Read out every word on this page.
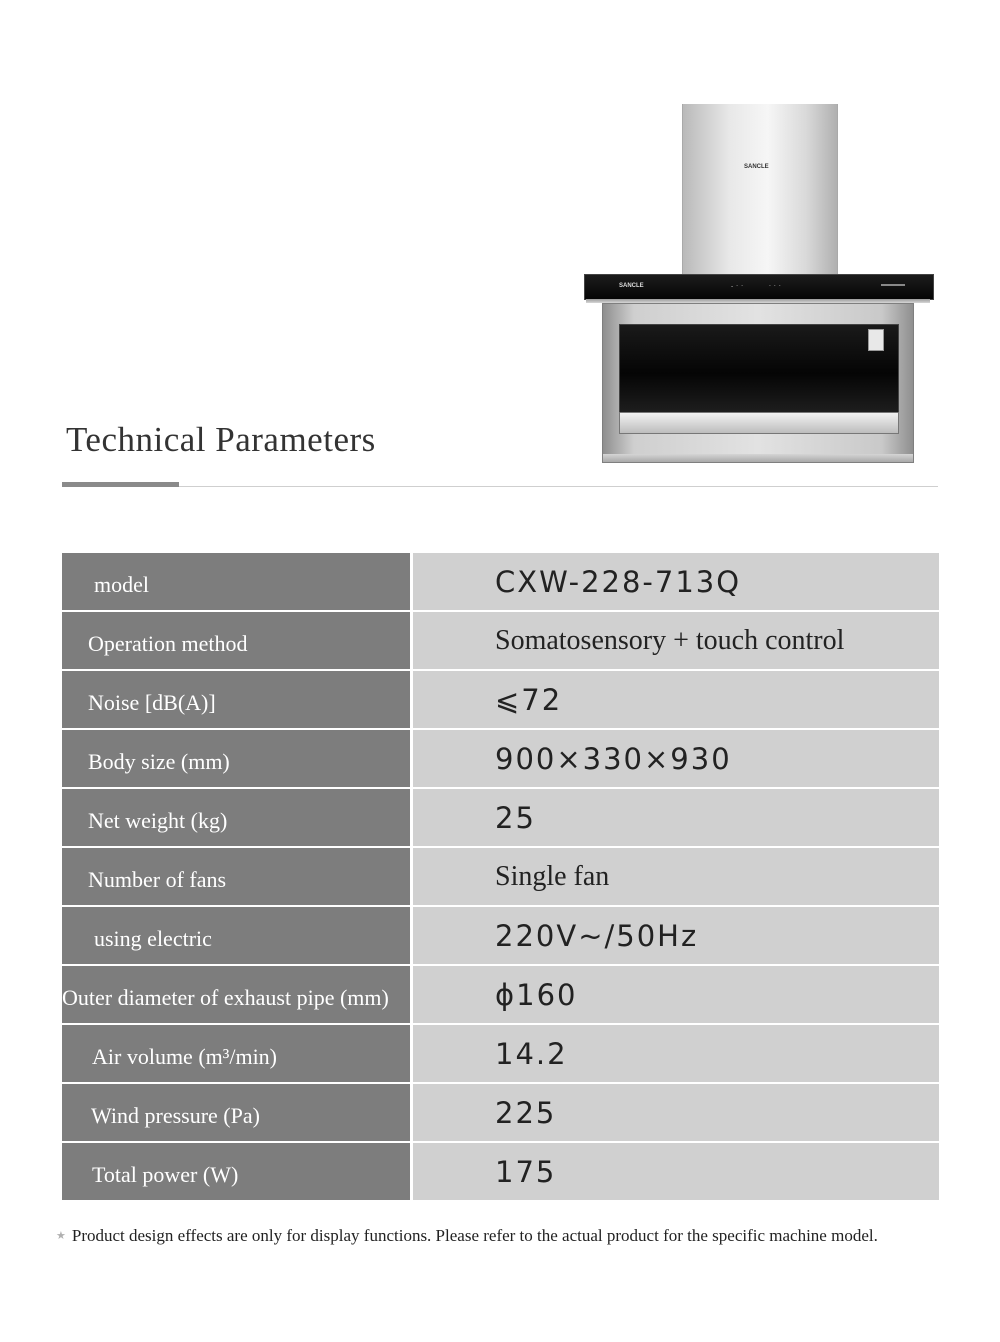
SANCLE
SANCLE	-··	···
Technical Parameters
model	CXW-228-713Q
Operation method	Somatosensory + touch control
Noise [dB(A)]	⩽72
Body size (mm)	900×330×930
Net weight (kg)	25
Number of fans	Single fan
using electric	220V~/50Hz
Outer diameter of exhaust pipe (mm)	ϕ160
Air volume (m³/min)	14.2
Wind pressure (Pa)	225
Total power (W)	175
★ Product design effects are only for display functions. Please refer to the actual product for the specific machine model.
